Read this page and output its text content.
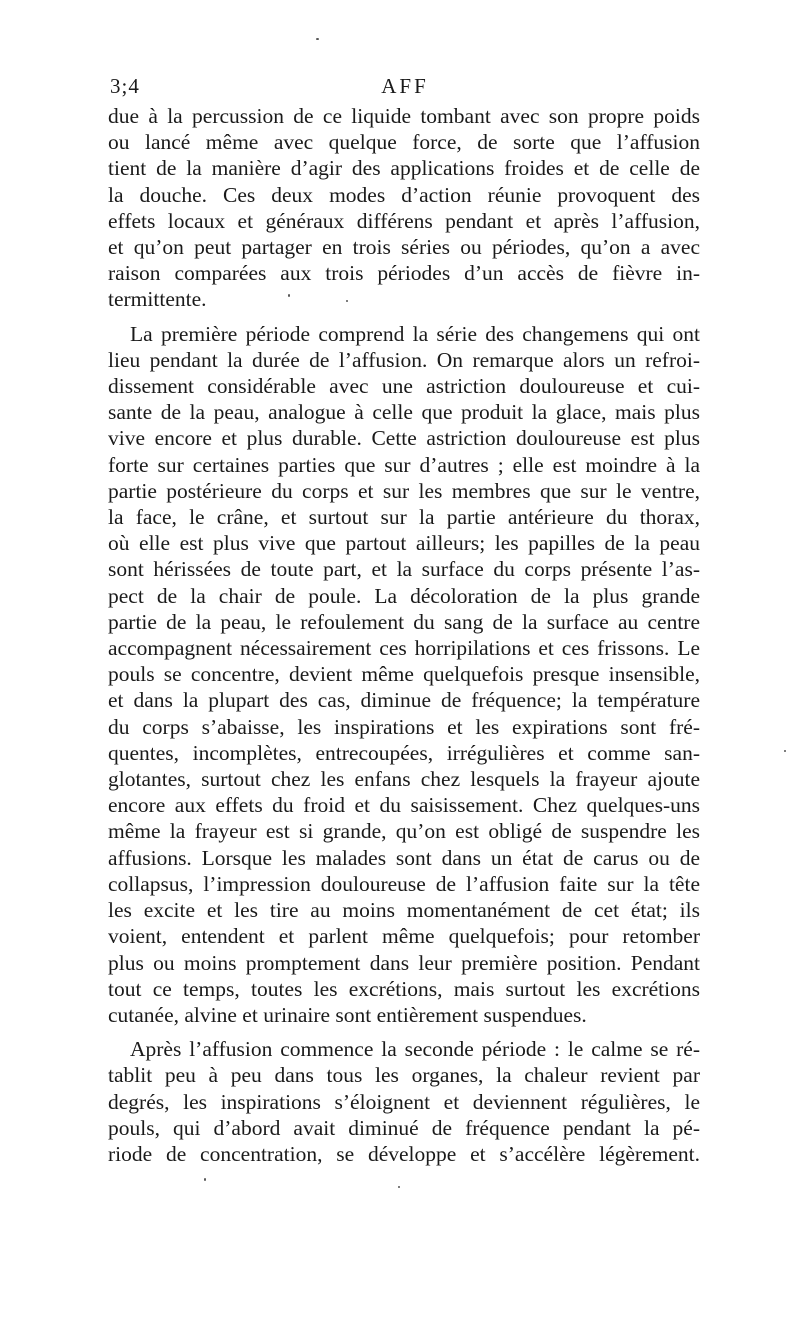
3;4	AFF

due à la percussion de ce liquide tombant avec son propre poids
ou lancé même avec quelque force, de sorte que l’affusion
tient de la manière d’agir des applications froides et de celle de
la douche. Ces deux modes d’action réunie provoquent des
effets locaux et généraux différens pendant et après l’affusion,
et qu’on peut partager en trois séries ou périodes, qu’on a avec
raison comparées aux trois périodes d’un accès de fièvre in-
termittente.

La première période comprend la série des changemens qui ont
lieu pendant la durée de l’affusion. On remarque alors un refroi-
dissement considérable avec une astriction douloureuse et cui-
sante de la peau, analogue à celle que produit la glace, mais plus
vive encore et plus durable. Cette astriction douloureuse est plus
forte sur certaines parties que sur d’autres ; elle est moindre à la
partie postérieure du corps et sur les membres que sur le ventre,
la face, le crâne, et surtout sur la partie antérieure du thorax,
où elle est plus vive que partout ailleurs; les papilles de la peau
sont hérissées de toute part, et la surface du corps présente l’as-
pect de la chair de poule. La décoloration de la plus grande
partie de la peau, le refoulement du sang de la surface au centre
accompagnent nécessairement ces horripilations et ces frissons. Le
pouls se concentre, devient même quelquefois presque insensible,
et dans la plupart des cas, diminue de fréquence; la température
du corps s’abaisse, les inspirations et les expirations sont fré-
quentes, incomplètes, entrecoupées, irrégulières et comme san-
glotantes, surtout chez les enfans chez lesquels la frayeur ajoute
encore aux effets du froid et du saisissement. Chez quelques-uns
même la frayeur est si grande, qu’on est obligé de suspendre les
affusions. Lorsque les malades sont dans un état de carus ou de
collapsus, l’impression douloureuse de l’affusion faite sur la tête
les excite et les tire au moins momentanément de cet état; ils
voient, entendent et parlent même quelquefois; pour retomber
plus ou moins promptement dans leur première position. Pendant
tout ce temps, toutes les excrétions, mais surtout les excrétions
cutanée, alvine et urinaire sont entièrement suspendues.

Après l’affusion commence la seconde période : le calme se ré-
tablit peu à peu dans tous les organes, la chaleur revient par
degrés, les inspirations s’éloignent et deviennent régulières, le
pouls, qui d’abord avait diminué de fréquence pendant la pé-
riode de concentration, se développe et s’accélère légèrement.
